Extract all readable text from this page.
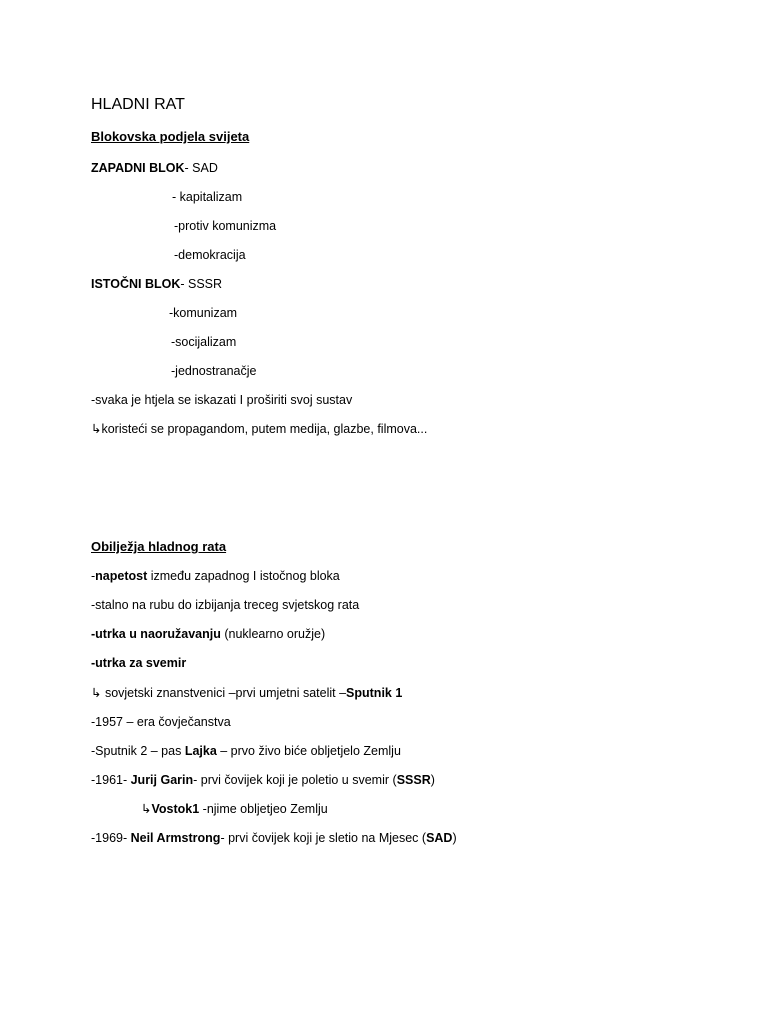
HLADNI RAT
Blokovska podjela svijeta
ZAPADNI BLOK- SAD
- kapitalizam
-protiv komunizma
-demokracija
ISTOČNI BLOK- SSSR
-komunizam
-socijalizam
-jednostranačje
-svaka je htjela se iskazati I proširiti svoj sustav
↳koristeći se propagandom, putem medija, glazbe, filmova...
Obilježja hladnog rata
-napetost između zapadnog I istočnog bloka
-stalno na rubu do izbijanja treceg svjetskog rata
-utrka u naoružavanju (nuklearno oružje)
-utrka za svemir
↳ sovjetski znanstvenici –prvi umjetni satelit –Sputnik 1
-1957 – era čovječanstva
-Sputnik 2 – pas Lajka – prvo živo biće obljetjelo Zemlju
-1961- Jurij Garin- prvi čovijek koji je poletio u svemir (SSSR)
↳Vostok1 -njime obljetjeo Zemlju
-1969- Neil Armstrong- prvi čovijek koji je sletio na Mjesec (SAD)
